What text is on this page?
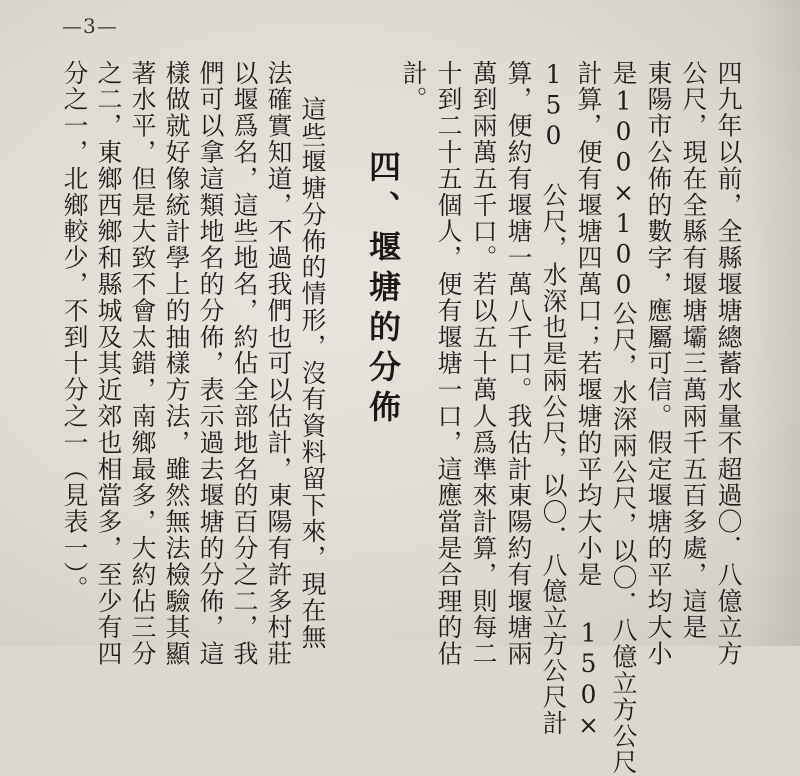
—3—
四九年以前，全縣堰塘總蓄水量不超過〇．八億立方
公尺，現在全縣有堰塘壩三萬兩千五百多處，這是
東陽市公佈的數字，應屬可信。假定堰塘的平均大小
是100×100公尺，水深兩公尺，以〇．八億立方公尺
計算，便有堰塘四萬口；若堰塘的平均大小是 150×
150 公尺，水深也是兩公尺，以〇．八億立方公尺計
算，便約有堰塘一萬八千口。我估計東陽約有堰塘兩
萬到兩萬五千口。若以五十萬人爲準來計算，則每二
十到二十五個人，便有堰塘一口，這應當是合理的估
計。
四、堰塘的分佈
這些堰塘分佈的情形，沒有資料留下來，現在無
法確實知道，不過我們也可以估計，東陽有許多村莊
以堰爲名，這些地名，約佔全部地名的百分之二，我
們可以拿這類地名的分佈，表示過去堰塘的分佈，這
樣做就好像統計學上的抽樣方法，雖然無法檢驗其顯
著水平，但是大致不會太錯，南鄉最多，大約佔三分
之二，東鄉西鄉和縣城及其近郊也相當多，至少有四
分之一，北鄉較少，不到十分之一（見表一）。
